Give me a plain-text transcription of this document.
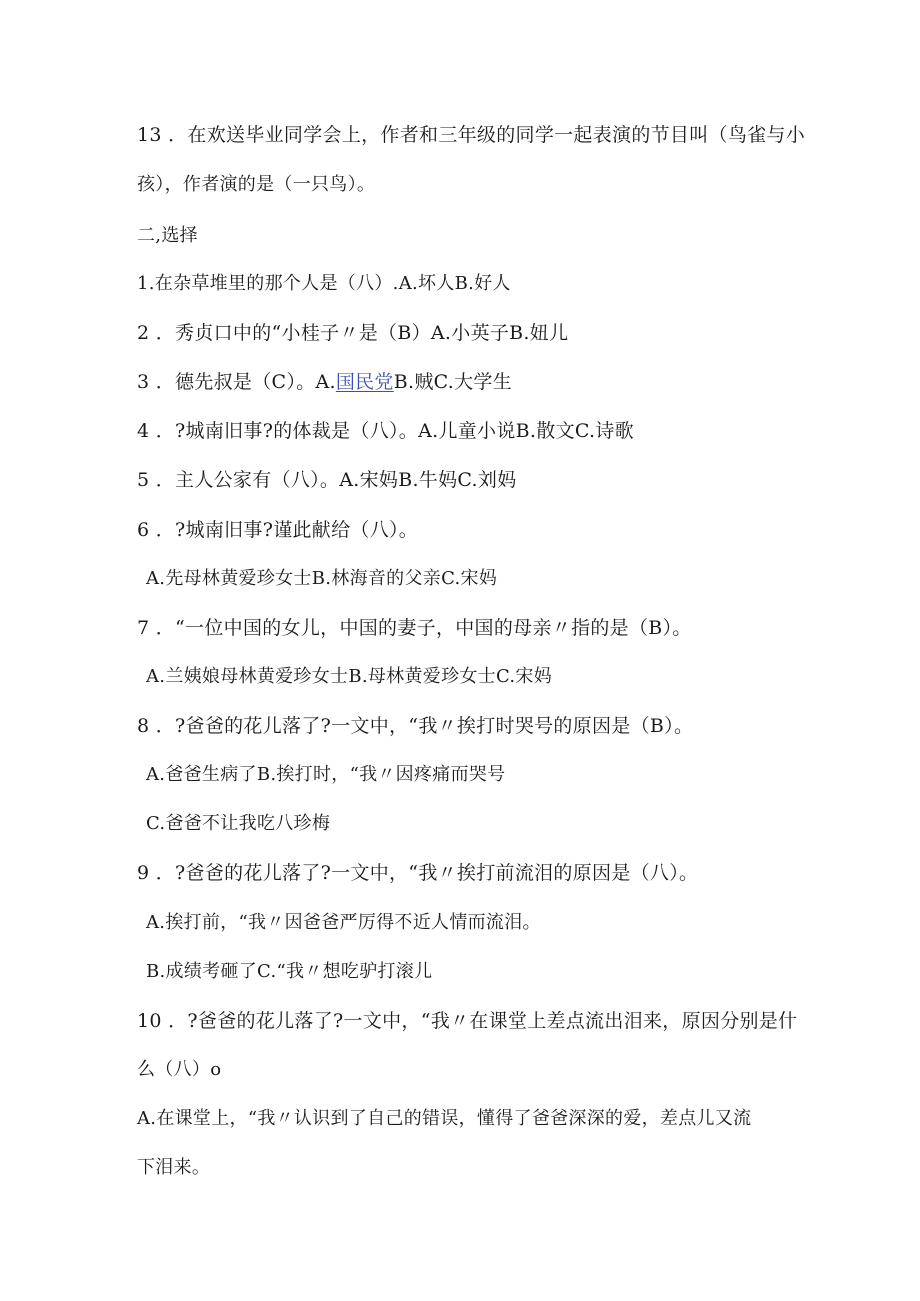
13 ．在欢送毕业同学会上，作者和三年级的同学一起表演的节目叫（鸟雀与小
孩），作者演的是（一只鸟）。
二,选择
1.在杂草堆里的那个人是（八）.A.坏人B.好人
2 ．秀贞口中的“小桂子〃是（B）A.小英子B.妞儿
3 ．德先叔是（C）。A.国民党B.贼C.大学生
4 ．?城南旧事?的体裁是（八）。A.儿童小说B.散文C.诗歌
5 ．主人公家有（八）。A.宋妈B.牛妈C.刘妈
6 ．?城南旧事?谨此献给（八）。
A.先母林黄爱珍女士B.林海音的父亲C.宋妈
7 ．“一位中国的女儿，中国的妻子，中国的母亲〃指的是（B）。
A.兰姨娘母林黄爱珍女士B.母林黄爱珍女士C.宋妈
8 ．?爸爸的花儿落了?一文中，“我〃挨打时哭号的原因是（B）。
A.爸爸生病了B.挨打时，“我〃因疼痛而哭号
C.爸爸不让我吃八珍梅
9 ．?爸爸的花儿落了?一文中，“我〃挨打前流泪的原因是（八）。
A.挨打前，“我〃因爸爸严厉得不近人情而流泪。
B.成绩考砸了C.“我〃想吃驴打滚儿
10 ．?爸爸的花儿落了?一文中，“我〃在课堂上差点流出泪来，原因分别是什
么（八）o
A.在课堂上，“我〃认识到了自己的错误，懂得了爸爸深深的爱，差点儿又流
下泪来。
